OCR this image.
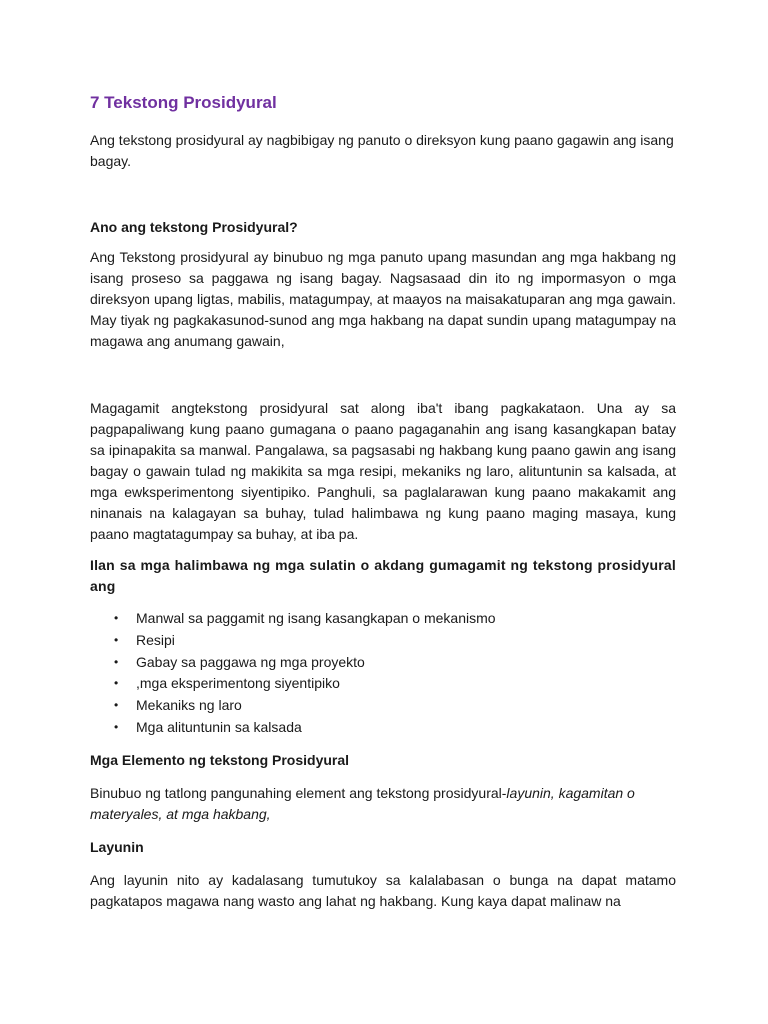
7 Tekstong Prosidyural

Ang tekstong prosidyural ay nagbibigay ng panuto o direksyon kung paano gagawin ang isang bagay.

Ano ang tekstong Prosidyural?

Ang Tekstong prosidyural ay binubuo ng mga panuto upang masundan ang mga hakbang ng isang proseso sa paggawa ng isang bagay. Nagsasaad din ito ng impormasyon o mga direksyon upang ligtas, mabilis, matagumpay, at maayos na maisakatuparan ang mga gawain. May tiyak ng pagkakasunod-sunod ang mga hakbang na dapat sundin upang matagumpay na magawa ang anumang gawain,

Magagamit angtekstong prosidyural sat along iba't ibang pagkakataon. Una ay sa pagpapaliwang kung paano gumagana o paano pagaganahin ang isang kasangkapan batay sa ipinapakita sa manwal. Pangalawa, sa pagsasabi ng hakbang kung paano gawin ang isang bagay o gawain tulad ng makikita sa mga resipi, mekaniks ng laro, alituntunin sa kalsada, at mga ewksperimentong siyentipiko. Panghuli, sa paglalarawan kung paano makakamit ang ninanais na kalagayan sa buhay, tulad halimbawa ng kung paano maging masaya, kung paano magtatagumpay sa buhay, at iba pa.

Ilan sa mga halimbawa ng mga sulatin o akdang gumagamit ng tekstong prosidyural ang

• Manwal sa paggamit ng isang kasangkapan o mekanismo
• Resipi
• Gabay sa paggawa ng mga proyekto
• ,mga eksperimentong siyentipiko
• Mekaniks ng laro
• Mga alituntunin sa kalsada
Mga Elemento ng tekstong Prosidyural

Binubuo ng tatlong pangunahing element ang tekstong prosidyural-layunin, kagamitan o materyales, at mga hakbang,

Layunin

Ang layunin nito ay kadalasang tumutukoy sa kalalabasan o bunga na dapat matamo pagkatapos magawa nang wasto ang lahat ng hakbang. Kung kaya dapat malinaw na
